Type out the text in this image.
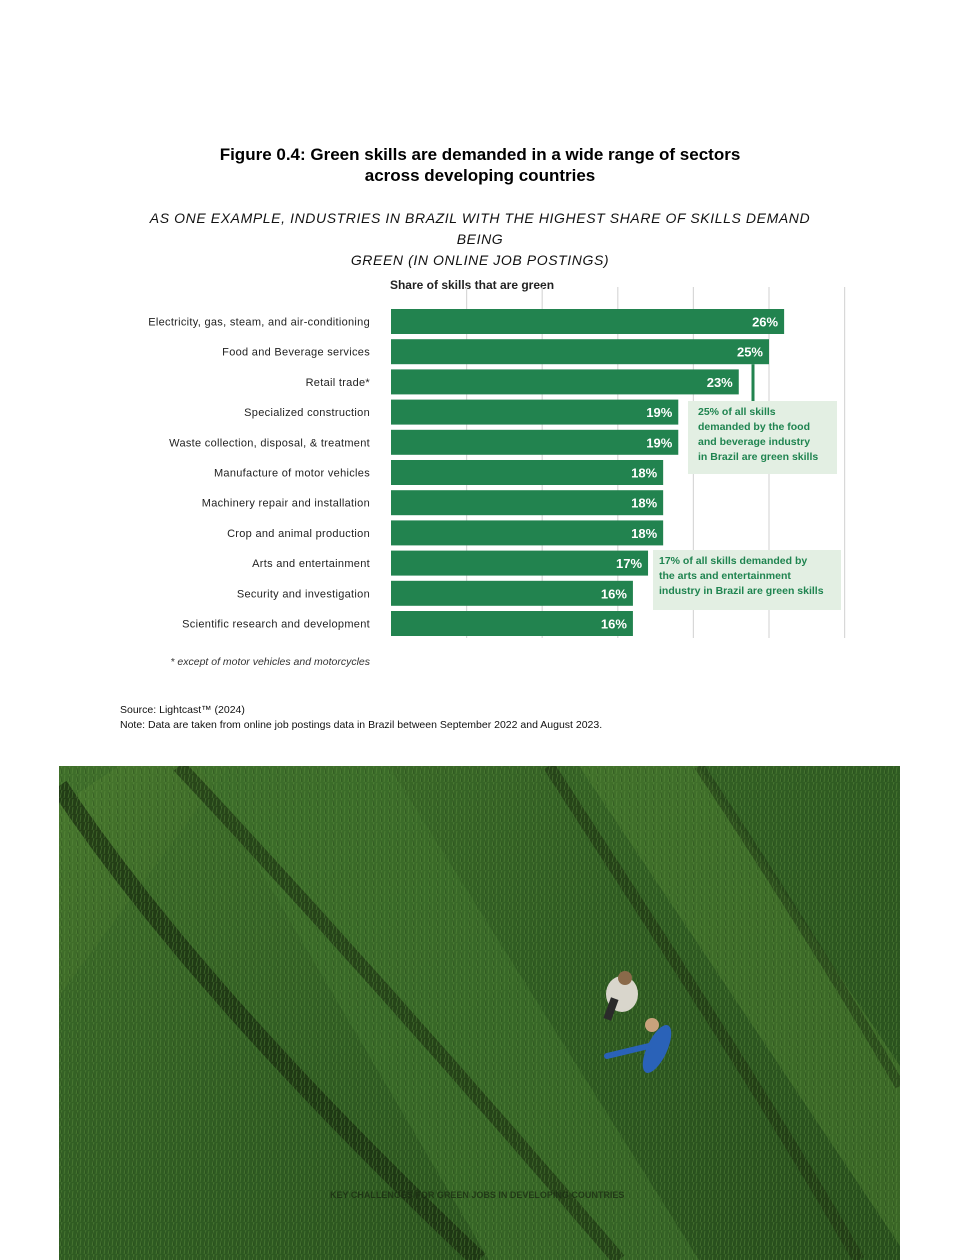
Figure 0.4: Green skills are demanded in a wide range of sectors
across developing countries
AS ONE EXAMPLE, INDUSTRIES IN BRAZIL WITH THE HIGHEST SHARE OF SKILLS DEMAND BEING
GREEN (IN ONLINE JOB POSTINGS)
Share of skills that are green
Electricity, gas, steam, and air-conditioning	26%
Food and Beverage services	25%
Retail trade*	23%
Specialized construction	19%
Waste collection, disposal, & treatment	19%
Manufacture of motor vehicles	18%
Machinery repair and installation	18%
Crop and animal production	18%
Arts and entertainment	17%
Security and investigation	16%
Scientific research and development	16%
25% of all skills
demanded by the food
and beverage industry
in Brazil are green skills
17% of all skills demanded by
the arts and entertainment
industry in Brazil are green skills
* except of motor vehicles and motorcycles
Source: Lightcast™ (2024)
Note: Data are taken from online job postings data in Brazil between September 2022 and August 2023.
KEY CHALLENGES FOR GREEN JOBS IN DEVELOPING COUNTRIES
